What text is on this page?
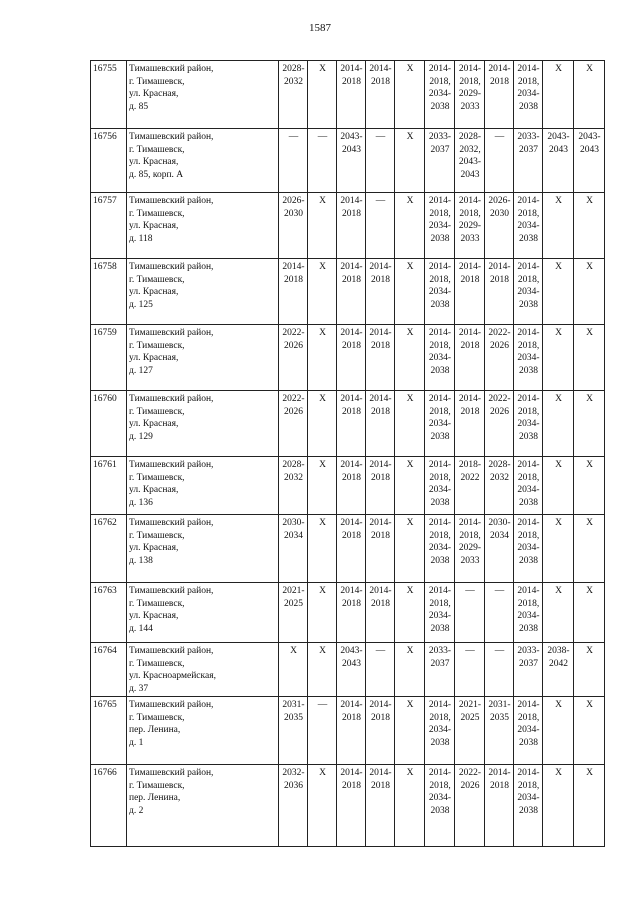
1587
16755	Тимашевский район,
г. Тимашевск,
ул. Красная,
д. 85	2028-
2032	X	2014-
2018	2014-
2018	X	2014-
2018,
2034-
2038	2014-
2018,
2029-
2033	2014-
2018	2014-
2018,
2034-
2038	X	X

16756	Тимашевский район,
г. Тимашевск,
ул. Красная,
д. 85, корп. А	—	—	2043-
2043	—	X	2033-
2037	2028-
2032,
2043-
2043	—	2033-
2037	2043-
2043	2043-
2043

16757	Тимашевский район,
г. Тимашевск,
ул. Красная,
д. 118	2026-
2030	X	2014-
2018	—	X	2014-
2018,
2034-
2038	2014-
2018,
2029-
2033	2026-
2030	2014-
2018,
2034-
2038	X	X

16758	Тимашевский район,
г. Тимашевск,
ул. Красная,
д. 125	2014-
2018	X	2014-
2018	2014-
2018	X	2014-
2018,
2034-
2038	2014-
2018	2014-
2018	2014-
2018,
2034-
2038	X	X

16759	Тимашевский район,
г. Тимашевск,
ул. Красная,
д. 127	2022-
2026	X	2014-
2018	2014-
2018	X	2014-
2018,
2034-
2038	2014-
2018	2022-
2026	2014-
2018,
2034-
2038	X	X

16760	Тимашевский район,
г. Тимашевск,
ул. Красная,
д. 129	2022-
2026	X	2014-
2018	2014-
2018	X	2014-
2018,
2034-
2038	2014-
2018	2022-
2026	2014-
2018,
2034-
2038	X	X

16761	Тимашевский район,
г. Тимашевск,
ул. Красная,
д. 136	2028-
2032	X	2014-
2018	2014-
2018	X	2014-
2018,
2034-
2038	2018-
2022	2028-
2032	2014-
2018,
2034-
2038	X	X

16762	Тимашевский район,
г. Тимашевск,
ул. Красная,
д. 138	2030-
2034	X	2014-
2018	2014-
2018	X	2014-
2018,
2034-
2038	2014-
2018,
2029-
2033	2030-
2034	2014-
2018,
2034-
2038	X	X

16763	Тимашевский район,
г. Тимашевск,
ул. Красная,
д. 144	2021-
2025	X	2014-
2018	2014-
2018	X	2014-
2018,
2034-
2038	—	—	2014-
2018,
2034-
2038	X	X

16764	Тимашевский район,
г. Тимашевск,
ул. Красноармейская,
д. 37	X	X	2043-
2043	—	X	2033-
2037	—	—	2033-
2037	2038-
2042	X

16765	Тимашевский район,
г. Тимашевск,
пер. Ленина,
д. 1	2031-
2035	—	2014-
2018	2014-
2018	X	2014-
2018,
2034-
2038	2021-
2025	2031-
2035	2014-
2018,
2034-
2038	X	X

16766	Тимашевский район,
г. Тимашевск,
пер. Ленина,
д. 2	2032-
2036	X	2014-
2018	2014-
2018	X	2014-
2018,
2034-
2038	2022-
2026	2014-
2018	2014-
2018,
2034-
2038	X	X
